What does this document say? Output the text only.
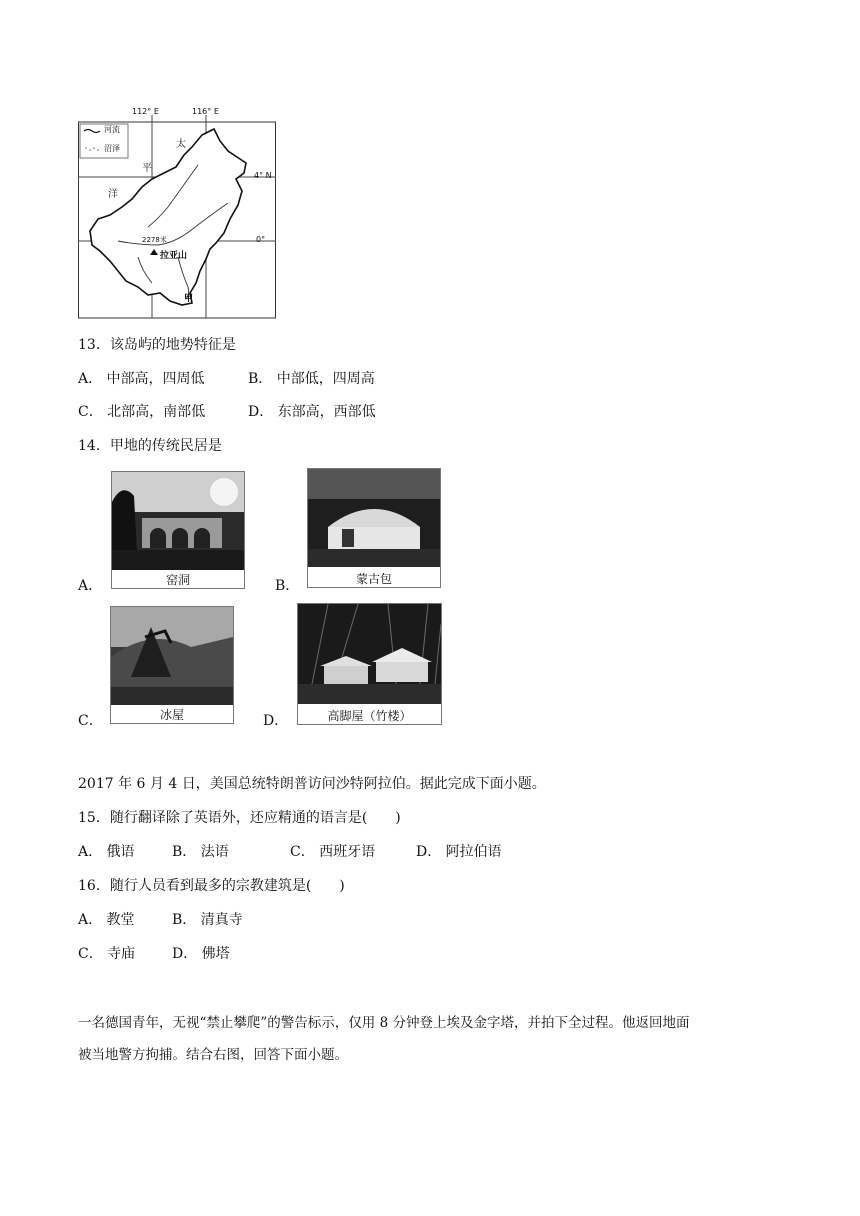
112° E	116° E
4° N
0°
河流
沼泽	太
平
洋
2278米
拉亚山
甲
13．该岛屿的地势特征是
A． 中部高，四周低	B． 中部低，四周高
C． 北部高，南部低	D． 东部高，西部低
14．甲地的传统民居是
A．	窑洞	B．	蒙古包
C．	冰屋	D．	高脚屋（竹楼）
2017 年 6 月 4 日，美国总统特朗普访问沙特阿拉伯。据此完成下面小题。
15．随行翻译除了英语外，还应精通的语言是(　　)
A． 俄语	B． 法语	C． 西班牙语	D． 阿拉伯语
16．随行人员看到最多的宗教建筑是(　　)
A． 教堂	B． 清真寺
C． 寺庙	D． 佛塔
一名德国青年，无视“禁止攀爬”的警告标示，仅用 8 分钟登上埃及金字塔，并拍下全过程。他返回地面
被当地警方拘捕。结合右图，回答下面小题。
